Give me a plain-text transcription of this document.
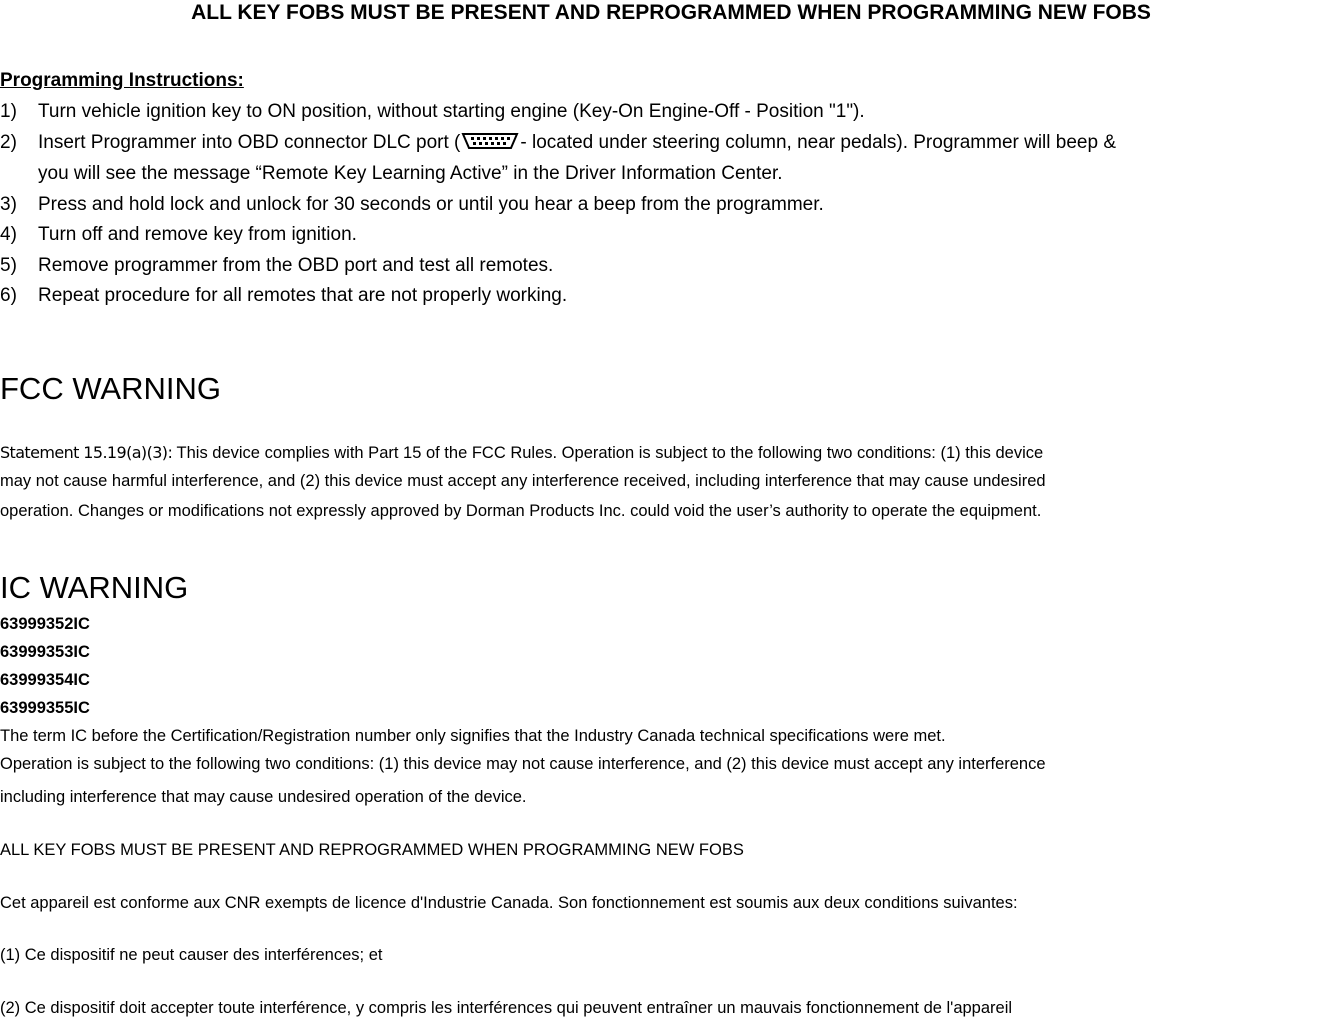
ALL KEY FOBS MUST BE PRESENT AND REPROGRAMMED WHEN PROGRAMMING NEW FOBS
Programming Instructions:
1) Turn vehicle ignition key to ON position, without starting engine (Key-On Engine-Off - Position "1").
2) Insert Programmer into OBD connector DLC port (	- located under steering column, near pedals). Programmer will beep &
you will see the message “Remote Key Learning Active” in the Driver Information Center.
3) Press and hold lock and unlock for 30 seconds or until you hear a beep from the programmer.
4) Turn off and remove key from ignition.
5) Remove programmer from the OBD port and test all remotes.
6) Repeat procedure for all remotes that are not properly working.
FCC WARNING
Statement 15.19(a)(3): This device complies with Part 15 of the FCC Rules. Operation is subject to the following two conditions: (1) this device
may not cause harmful interference, and (2) this device must accept any interference received, including interference that may cause undesired
operation. Changes or modifications not expressly approved by Dorman Products Inc. could void the user’s authority to operate the equipment.
IC WARNING
63999352IC
63999353IC
63999354IC
63999355IC
The term IC before the Certification/Registration number only signifies that the Industry Canada technical specifications were met.
Operation is subject to the following two conditions: (1) this device may not cause interference, and (2) this device must accept any interference
including interference that may cause undesired operation of the device.
ALL KEY FOBS MUST BE PRESENT AND REPROGRAMMED WHEN PROGRAMMING NEW FOBS
Cet appareil est conforme aux CNR exempts de licence d'Industrie Canada. Son fonctionnement est soumis aux deux conditions suivantes:
(1) Ce dispositif ne peut causer des interférences; et
(2) Ce dispositif doit accepter toute interférence, y compris les interférences qui peuvent entraîner un mauvais fonctionnement de l'appareil
